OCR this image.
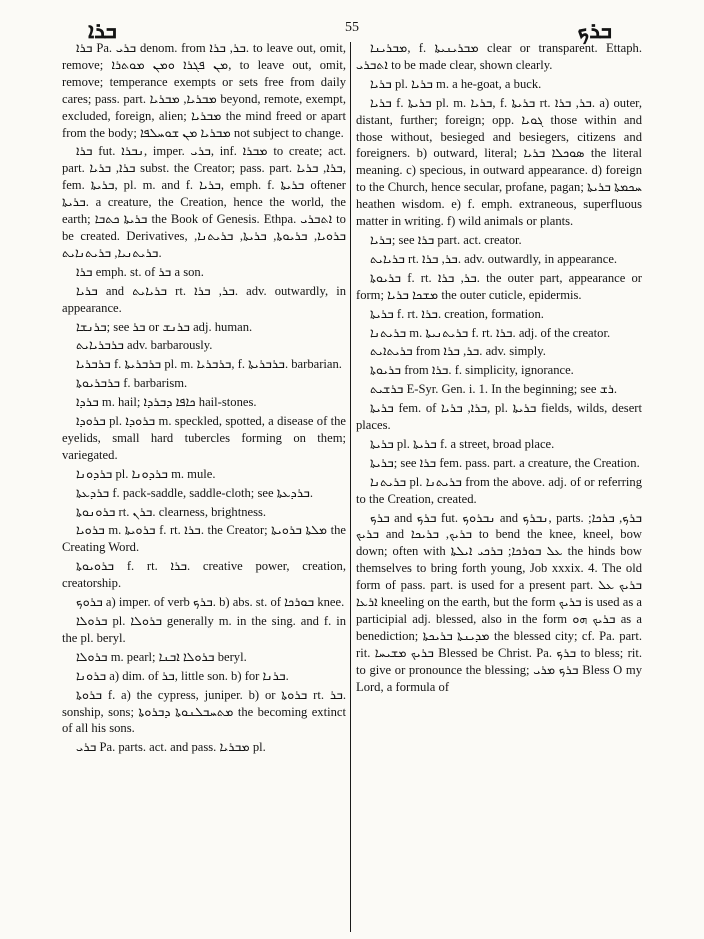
ܒܪܐ	55	ܒܪܟ

ܒܪܐ Pa. ܒܪܝ denom. from ܒܪ, ܒܪܐ. to leave out, omit, remove; ܡܢ ܦܓܪܐ ܘܡܢ ܡܘܬܪܐ, to leave out, omit, remove; temperance exempts or sets free from daily cares; pass. part. ܡܒܪܝܐ, ܡܒܪܝܐ beyond, remote, exempt, excluded, foreign, alien; ܡܒܪܝܐ the mind freed or apart from the body; ܡܒܪܝܐ ܡܢ ܫܘܚܠܦܐ not subject to change.

ܒܪܐ fut. ܢܒܪܐ, imper. ܒܪܝ, inf. ܡܒܪܐ to create; act. part. ܒܪܐ, ܒܪܝܐ subst. the Creator; pass. part. ܒܪܐ, ܒܪܝܐ, fem. ܒܪܝܬܐ, pl. m. and f. ܒܪܝܐ, emph. f. ܒܪܝܬܐ oftener ܒܪܝܬܐ. a creature, the Creation, hence the world, the earth; ܒܪܝܬܐ ܟܬܒܐ the Book of Genesis. Ethpa. ܐܬܒܪܝ to be created. Derivatives, ܒܪܘܝܐ, ܒܪܝܘܬܐ, ܒܪܝܬܐ, ܒܪܝܬܢܐ, ܒܪܝܬܢܝܐ, ܒܪܝܬܢܐܝܬ.

ܒܪܐ emph. st. of ܒܪ a son.

ܒܪܝܐ and ܒܪܝܐܝܬ rt. ܒܪ, ܒܪܐ. adv. outwardly, in appearance.

ܒܪܢܫܐ; see ܒܪ or ܒܪܢܫ adj. human.

ܒܪܒܪܝܐܝܬ adv. barbarously.

ܒܪܒܪܝܐ f. ܒܪܒܪܝܬܐ pl. m. ܒܪܒܪܝܐ, f. ܒܪܒܪܝܬܐ. barbarian.

ܒܪܒܪܝܘܬܐ f. barbarism.

ܒܪܕܐ m. hail; ܟܐܦܐ ܕܒܪܕܐ hail-stones.

ܒܪܘܕܐ pl. ܒܪܘܕܐ m. speckled, spotted, a disease of the eyelids, small hard tubercles forming on them; variegated.

ܒܪܕܘܢܐ pl. ܒܪܕܘܢܐ m. mule.

ܒܪܕܥܬܐ f. pack-saddle, saddle-cloth; see ܒܪܕܥܬܐ.

ܒܪܘܢܘܬܐ rt. ܒܪܢ. clearness, brightness.

ܒܪܘܝܐ m. ܒܪܘܝܬܐ f. rt. ܒܪܐ. the Creator; ܡܠܬܐ ܒܪܘܝܬܐ the Creating Word.

ܒܪܘܝܘܬܐ f. rt. ܒܪܐ. creative power, creation, creatorship.

ܒܪܘܟ a) imper. of verb ܒܪܟ. b) abs. st. of ܒܘܪܟܐ knee.

ܒܪܘܠܐ pl. ܒܪܘܠܐ generally m. in the sing. and f. in the pl. beryl.

ܒܪܘܠܐ m. pearl; ܒܪܘܠܐ ܐܒܢܐ beryl.

ܒܪܘܢܐ a) dim. of ܒܪ, little son. b) for ܒܪܢܐ.

ܒܪܘܬܐ f. a) the cypress, juniper. b) or ܒܪܘܬܐ rt. ܒܪ. sonship, sons; ܡܬܚܒܠܢܘܬܐ ܕܒܪܘܬܐ the becoming extinct of all his sons.

ܒܪܝ Pa. parts. act. and pass. ܡܒܪܝܐ pl.

ܡܒܪܝܢܐ, f. ܡܒܪܝܢܝܬܐ clear or transparent. Ettaph. ܐܬܒܪܝ to be made clear, shown clearly.

ܒܪܝܐ pl. ܒܪܝܐ m. a he-goat, a buck.

ܒܪܝܐ f. ܒܪܝܬܐ pl. m. ܒܪܝܐ, f. ܒܪܝܬܐ rt. ܒܪ, ܒܪܐ. a) outer, distant, further; foreign; opp. ܓܘܝܐ those within and those without, besieged and besiegers, citizens and foreigners. b) outward, literal; ܣܘܟܠܐ ܒܪܝܐ the literal meaning. c) specious, in outward appearance. d) foreign to the Church, hence secular, profane, pagan; ܚܟܡܬܐ ܒܪܝܬܐ heathen wisdom. e) f. emph. extraneous, superfluous matter in writing. f) wild animals or plants.

ܒܪܝܐ; see ܒܪܐ part. act. creator.

ܒܪܝܐܝܬ rt. ܒܪ, ܒܪܐ. adv. outwardly, in appearance.

ܒܪܝܘܬܐ f. rt. ܒܪ, ܒܪܐ. the outer part, appearance or form; ܡܫܟܐ ܒܪܝܐ the outer cuticle, epidermis.

ܒܪܝܬܐ f. rt. ܒܪܐ. creation, formation.

ܒܪܝܬܢܐ m. ܒܪܝܬܢܝܬܐ f. rt. ܒܪܐ. adj. of the creator.

ܒܪܝܬܐܝܬ from ܒܪ, ܒܪܐ. adv. simply.

ܒܪܝܘܬܐ from ܒܪܐ. f. simplicity, ignorance.

ܒܪܫܝܬ E-Syr. Gen. i. 1. In the beginning; see ܪܫ.

ܒܪܝܬܐ fem. of ܒܪܐ, ܒܪܝܐ, pl. ܒܪܝܬܐ fields, wilds, desert places.

ܒܪܝܬܐ pl. ܒܪܝܬܐ f. a street, broad place.

ܒܪܝܬܐ; see ܒܪܐ fem. pass. part. a creature, the Creation.

ܒܪܝܬܢܐ pl. ܒܪܝܬܢܐ from the above. adj. of or referring to the Creation, created.

ܒܪܟ and ܒܪܟ fut. ܢܒܪܘܟ and ܢܒܪܟ, parts. ܒܪܟ, ܒܪܟܐ; ܒܪܝܟ and ܒܪܝܟ, ܒܪܝܟܐ to bend the knee, kneel, bow down; often with ܥܠ ܒܘܪܟܐ; ܒܪܟܝ ܐܝܠܬܐ the hinds bow themselves to bring forth young, Job xxxix. 4. The old form of pass. part. is used for a present part. ܒܪܝܟ ܥܠ ܐܪܥܐ kneeling on the earth, but the form ܒܪܝܟ is used as a participial adj. blessed, also in the form ܒܪܝܟ ܗܘ as a benediction; ܡܕܝܢܬܐ ܒܪܝܟܬܐ the blessed city; cf. Pa. part. rit. ܒܪܝܟ ܡܫܝܚܐ Blessed be Christ. Pa. ܒܪܟ to bless; rit. to give or pronounce the blessing; ܒܪܟ ܡܪܝ Bless O my Lord, a formula of
